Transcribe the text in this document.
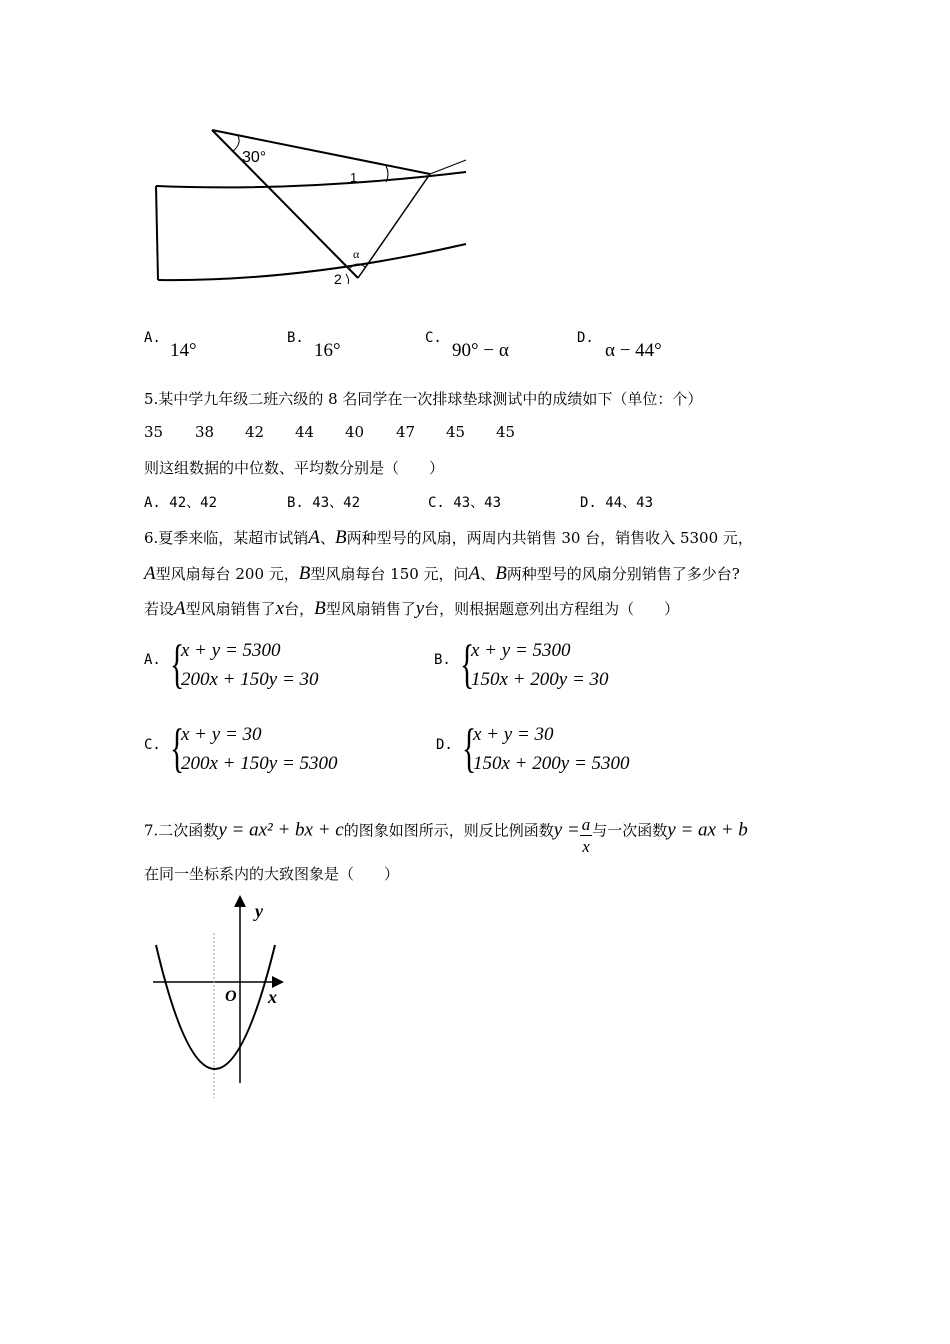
30°
1
α
2
A.
14°
B.
16°
C.
90° − α
D.
α − 44°
5.某中学九年级二班六级的 8 名同学在一次排球垫球测试中的成绩如下（单位：个）
35 38 42 44 40 47 45 45
则这组数据的中位数、平均数分别是（　　）
A. 42、42	B. 43、42	C. 43、43	D. 44、43
6.夏季来临，某超市试销A、B两种型号的风扇，两周内共销售 30 台，销售收入 5300 元，
A型风扇每台 200 元，B型风扇每台 150 元，问A、B两种型号的风扇分别销售了多少台?
若设A型风扇销售了x台，B型风扇销售了y台，则根据题意列出方程组为（　　）
A. {
x + y = 5300
200x + 150y = 30
B. {
x + y = 5300
150x + 200y = 30
C. {
x + y = 30
200x + 150y = 5300
D. {
x + y = 30
150x + 200y = 5300
7.二次函数y = ax² + bx + c的图象如图所示，则反比例函数$y = \frac{a}{x}$ 与一次函数y = ax + b
在同一坐标系内的大致图象是（　　）
y
x
O
